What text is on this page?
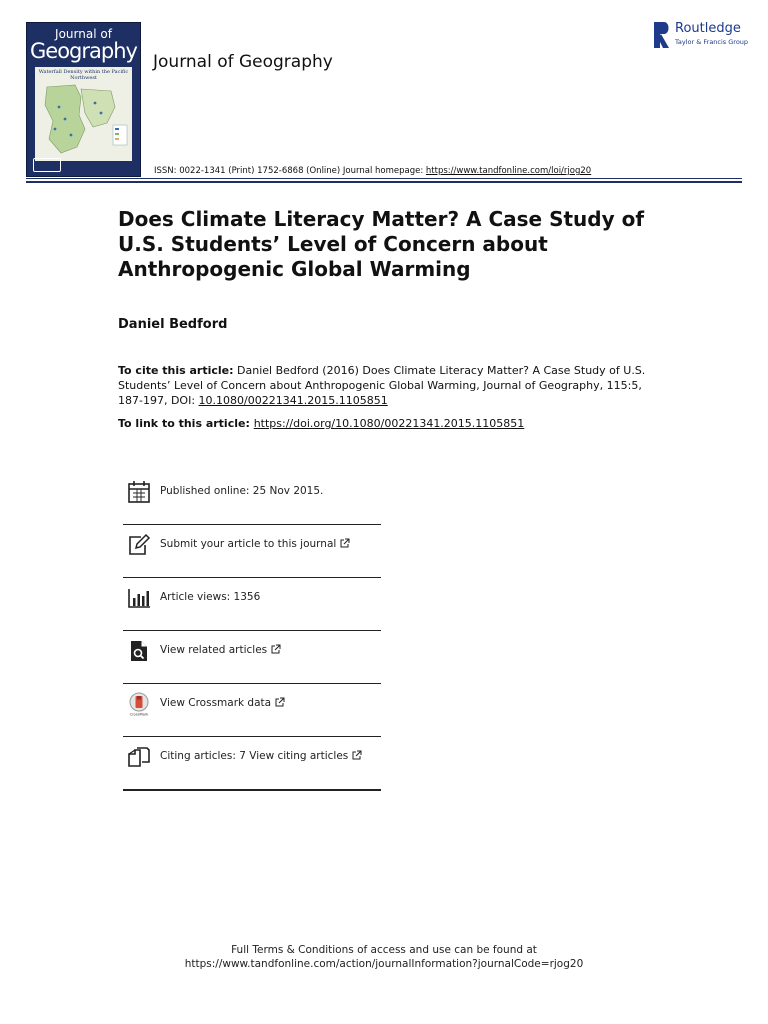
Journal of
Geography
Waterfall Density within the Pacific Northwest
Journal of Geography
Routledge
Taylor & Francis Group
ISSN: 0022-1341 (Print) 1752-6868 (Online) Journal homepage: https://www.tandfonline.com/loi/rjog20
Does Climate Literacy Matter? A Case Study of U.S. Students’ Level of Concern about Anthropogenic Global Warming
Daniel Bedford
To cite this article: Daniel Bedford (2016) Does Climate Literacy Matter? A Case Study of U.S. Students’ Level of Concern about Anthropogenic Global Warming, Journal of Geography, 115:5, 187-197, DOI: 10.1080/00221341.2015.1105851
To link to this article: https://doi.org/10.1080/00221341.2015.1105851
Published online: 25 Nov 2015.
Submit your article to this journal
Article views: 1356
View related articles
CrossMark
View Crossmark data
Citing articles: 7 View citing articles
Full Terms & Conditions of access and use can be found at
https://www.tandfonline.com/action/journalInformation?journalCode=rjog20
